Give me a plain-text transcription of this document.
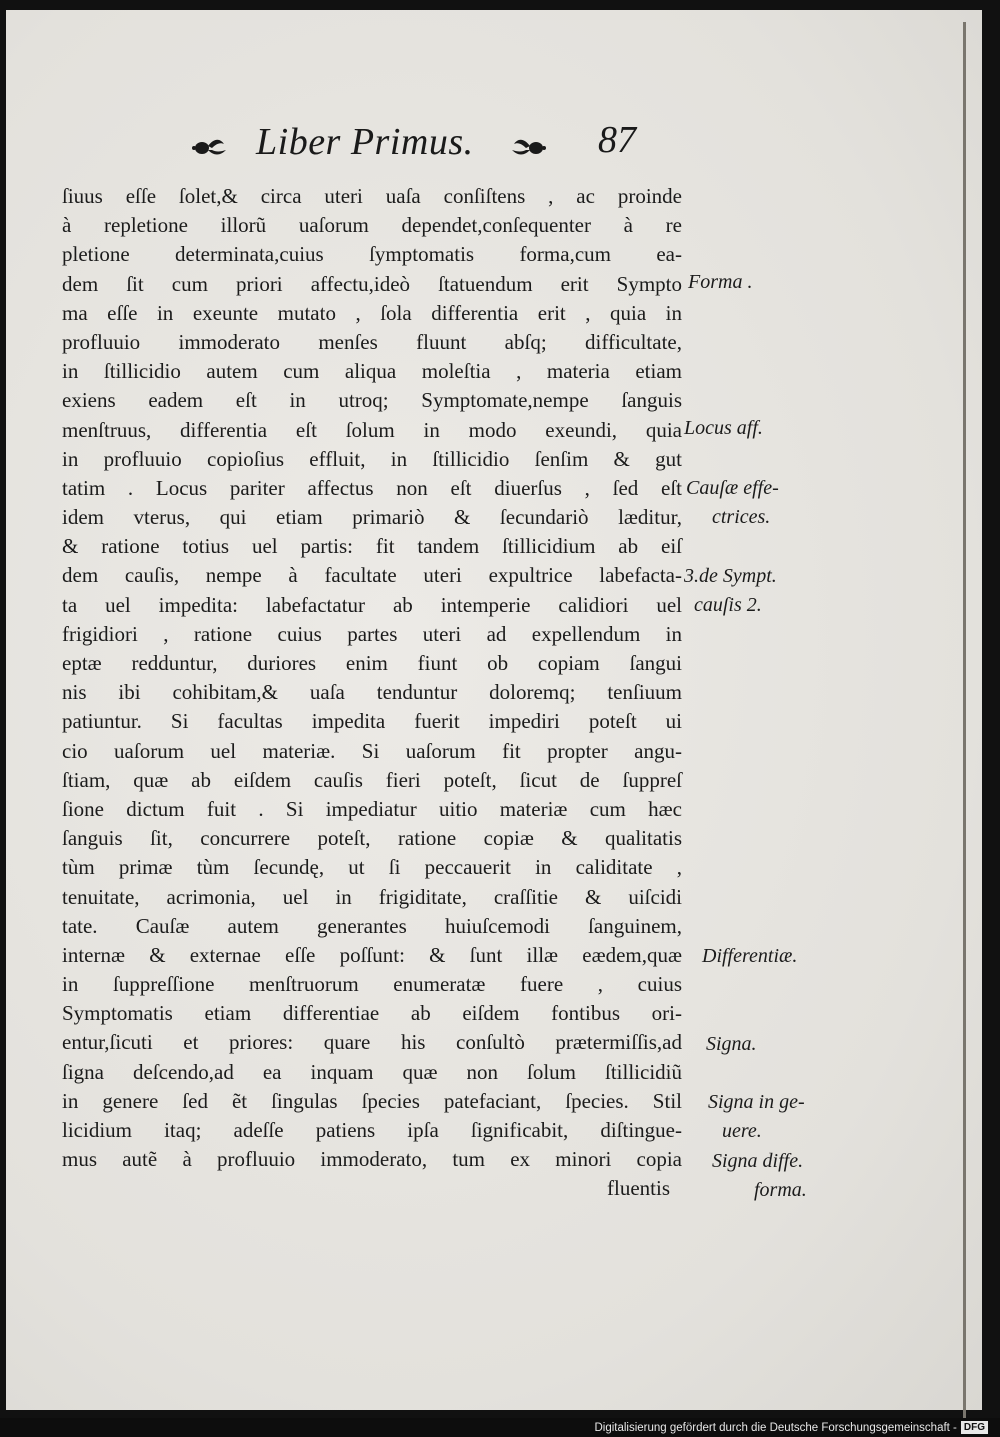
Liber Primus.	87
ſiuus eſſe ſolet,& circa uteri uaſa conſiſtens , ac proinde
à repletione illorũ uaſorum dependet,conſequenter à re
pletione determinata,cuius ſymptomatis forma,cum ea-
dem ſit cum priori affectu,ideò ſtatuendum erit Sympto
ma eſſe in exeunte mutato , ſola differentia erit , quia in
profluuio immoderato menſes fluunt abſq; difficultate,
in ſtillicidio autem cum aliqua moleſtia , materia etiam
exiens eadem eſt in utroq; Symptomate,nempe ſanguis
menſtruus, differentia eſt ſolum in modo exeundi, quia
in profluuio copioſius effluit, in ſtillicidio ſenſim & gut
tatim . Locus pariter affectus non eſt diuerſus , ſed eſt
idem vterus, qui etiam primariò & ſecundariò læditur,
& ratione totius uel partis: fit tandem ſtillicidium ab eiſ
dem cauſis, nempe à facultate uteri expultrice labefacta-
ta uel impedita: labefactatur ab intemperie calidiori uel
frigidiori , ratione cuius partes uteri ad expellendum in
eptæ redduntur, duriores enim fiunt ob copiam ſangui
nis ibi cohibitam,& uaſa tenduntur doloremq; tenſiuum
patiuntur. Si facultas impedita fuerit impediri poteſt ui
cio uaſorum uel materiæ. Si uaſorum fit propter angu-
ſtiam, quæ ab eiſdem cauſis fieri poteſt, ſicut de ſuppreſ
ſione dictum fuit . Si impediatur uitio materiæ cum hæc
ſanguis ſit, concurrere poteſt, ratione copiæ & qualitatis
tùm primæ tùm ſecundę, ut ſi peccauerit in caliditate ,
tenuitate, acrimonia, uel in frigiditate, craſſitie & uiſcidi
tate. Cauſæ autem generantes huiuſcemodi ſanguinem,
internæ & externae eſſe poſſunt: & ſunt illæ eædem,quæ
in ſuppreſſione menſtruorum enumeratæ fuere , cuius
Symptomatis etiam differentiae ab eiſdem fontibus ori-
entur,ſicuti et priores: quare his conſultò prætermiſſis,ad
ſigna deſcendo,ad ea inquam quæ non ſolum ſtillicidiũ
in genere ſed ẽt ſingulas ſpecies patefaciant, ſpecies. Stil
licidium itaq; adeſſe patiens ipſa ſignificabit, diſtingue-
mus autẽ à profluuio immoderato, tum ex minori copia
fluentis
Forma .
Locus aff.
Cauſæ effe-
ctrices.
3.de Sympt.
cauſis 2.
Differentiæ.
Signa.
Signa in ge-
uere.
Signa diffe.
forma.
Digitalisierung gefördert durch die Deutsche Forschungsgemeinschaft - DFG
